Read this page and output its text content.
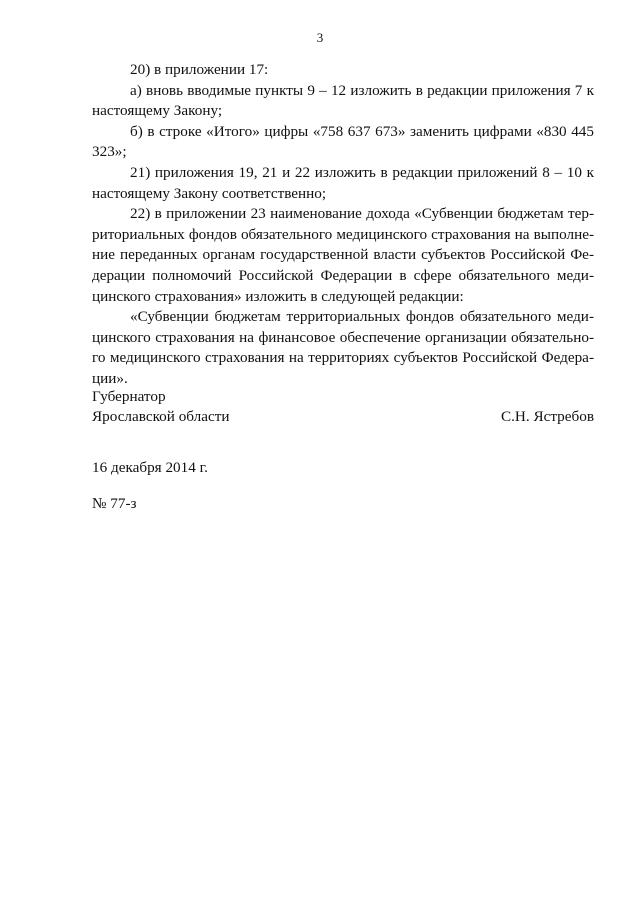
3

20) в приложении 17:

а) вновь вводимые пункты 9 – 12 изложить в редакции приложения 7 к настоящему Закону;

б) в строке «Итого» цифры «758 637 673» заменить цифрами «830 445 323»;

21) приложения 19, 21 и 22 изложить в редакции приложений 8 – 10 к настоящему Закону соответственно;

22) в приложении 23 наименование дохода «Субвенции бюджетам территориальных фондов обязательного медицинского страхования на выполнение переданных органам государственной власти субъектов Российской Федерации полномочий Российской Федерации в сфере обязательного медицинского страхования» изложить в следующей редакции:

«Субвенции бюджетам территориальных фондов обязательного медицинского страхования на финансовое обеспечение организации обязательного медицинского страхования на территориях субъектов Российской Федерации».

Губернатор
Ярославской области	С.Н. Ястребов
16 декабря 2014 г.
№ 77-з
